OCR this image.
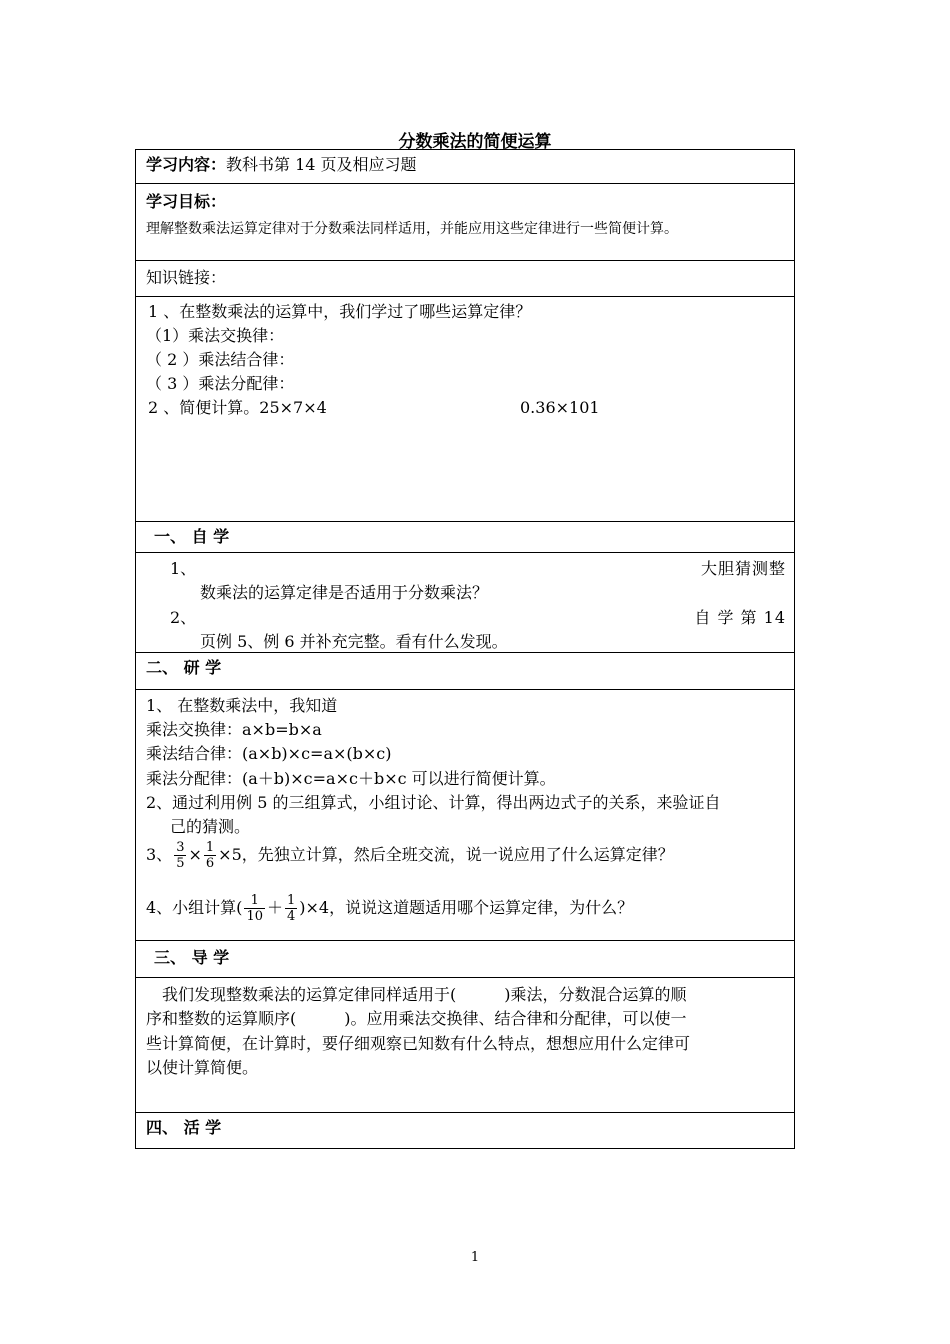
分数乘法的简便运算
学习内容：教科书第 14 页及相应习题
学习目标：
理解整数乘法运算定律对于分数乘法同样适用，并能应用这些定律进行一些简便计算。
知识链接：
1 、在整数乘法的运算中，我们学过了哪些运算定律？
（1）乘法交换律：
（ 2 ）乘法结合律：
（ 3 ）乘法分配律：
2 、简便计算。25×7×4	0.36×101
一、 自 学
1、	大胆猜测整
数乘法的运算定律是否适用于分数乘法？
2、	自 学 第 14
页例 5、例 6 并补充完整。看有什么发现。
二、 研 学
1、 在整数乘法中，我知道
乘法交换律：a×b=b×a
乘法结合律：(a×b)×c=a×(b×c)
乘法分配律：(a＋b)×c=a×c＋b×c 可以进行简便计算。
2、通过利用例 5 的三组算式，小组讨论、计算，得出两边式子的关系，来验证自
己的猜测。
3、 $\frac{3}{5} \times \frac{1}{6} \times 5$，先独立计算，然后全班交流，说一说应用了什么运算定律？
4、小组计算( $\frac{1}{10} + \frac{1}{4} )\times 4$，说说这道题适用哪个运算定律，为什么？
三、 导 学
我们发现整数乘法的运算定律同样适用于(　　　)乘法，分数混合运算的顺
序和整数的运算顺序(　　　)。应用乘法交换律、结合律和分配律，可以使一
些计算简便，在计算时，要仔细观察已知数有什么特点，想想应用什么定律可
以使计算简便。
四、 活 学
1
